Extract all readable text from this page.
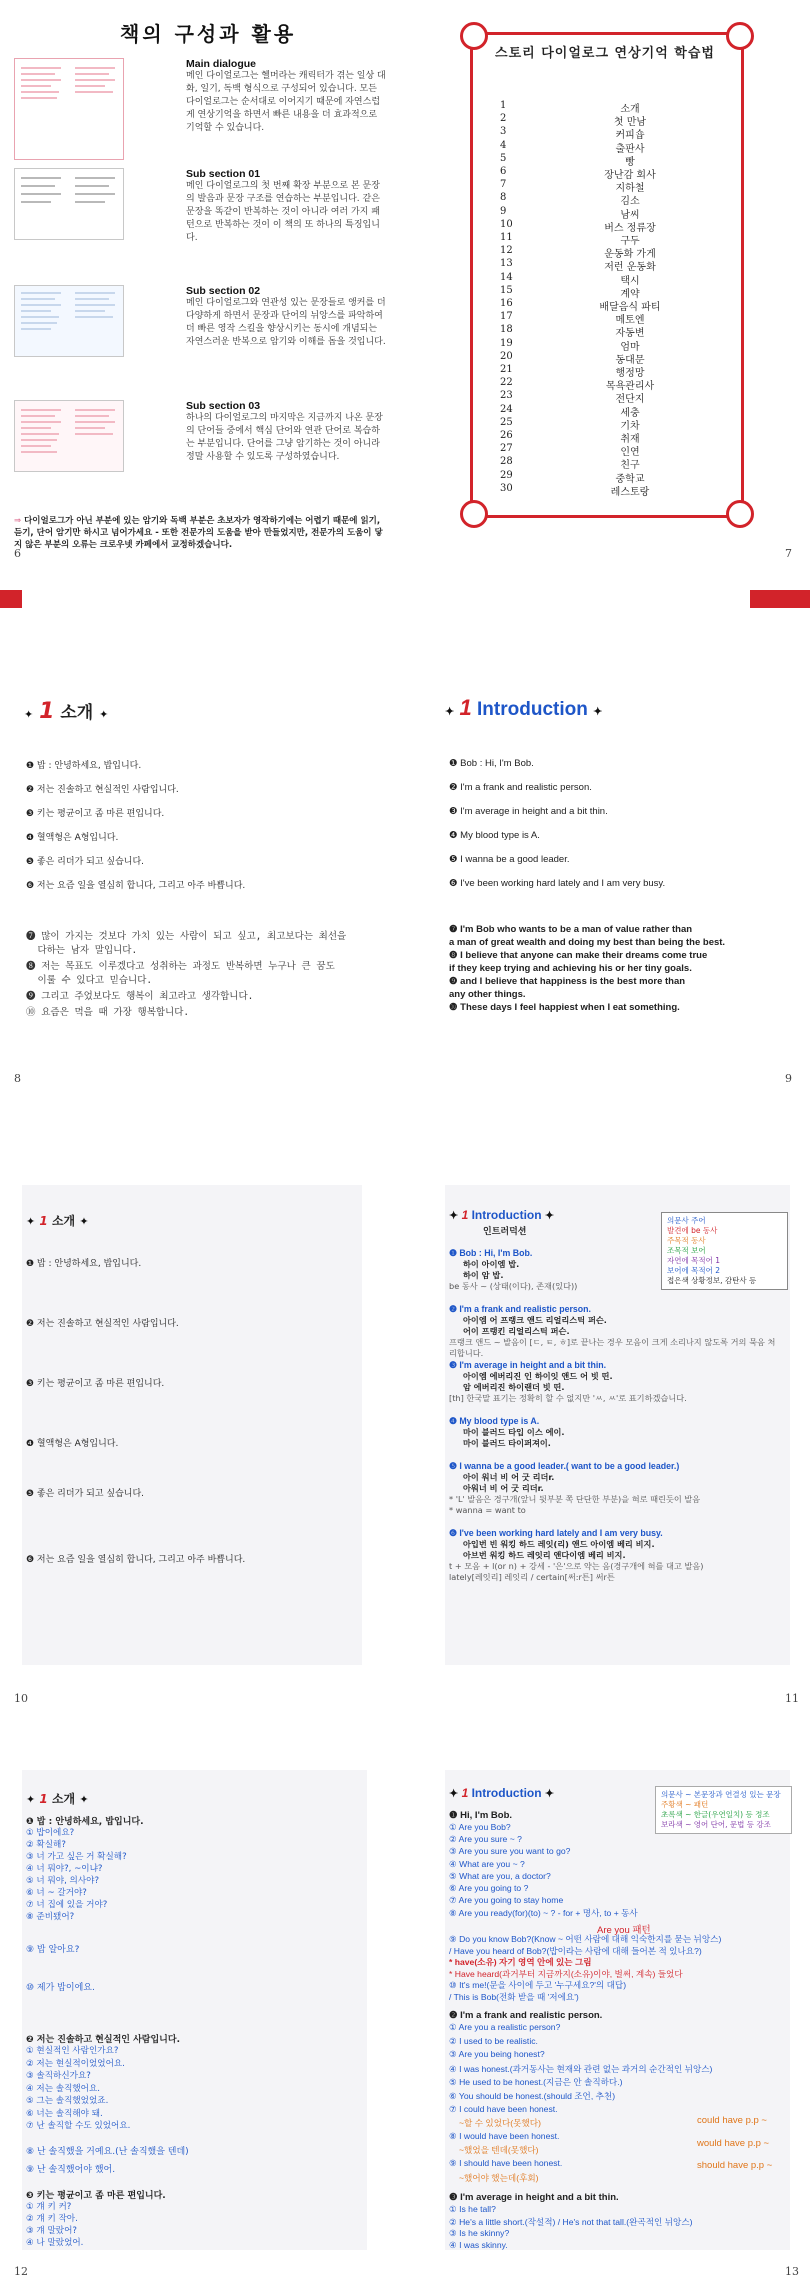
책의 구성과 활용
Main dialogue
메인 다이얼로그는 헬머라는 캐릭터가 겪는 일상 대화, 일기, 독백 형식으로 구성되어 있습니다. 모든 다이얼로그는 순서대로 이어지기 때문에 자연스럽게 연상기억을 하면서 빠른 내용을 더 효과적으로 기억할 수 있습니다.
Sub section 01
메인 다이얼로그의 첫 번째 확장 부분으로 본 문장의 발음과 문장 구조를 연습하는 부분입니다. 같은 문장을 똑같이 반복하는 것이 아니라 여러 가지 패턴으로 반복하는 것이 이 책의 또 하나의 특징입니다.
Sub section 02
메인 다이얼로그와 연관성 있는 문장들로 앵커를 더 다양하게 하면서 문장과 단어의 뉘앙스를 파악하여 더 빠른 영작 스킬을 향상시키는 동시에 개념되는 자연스러운 반복으로 암기와 이해를 돕을 것입니다.
Sub section 03
하나의 다이얼로그의 마지막은 지금까지 나온 문장의 단어들 중에서 핵심 단어와 연관 단어로 복습하는 부분입니다. 단어를 그냥 암기하는 것이 아니라 정말 사용할 수 있도록 구성하였습니다.
⇒ 다이얼로그가 아닌 부분에 있는 암기와 독백 부분은 초보자가 영작하기에는 어렵기 때문에 읽기, 듣기, 단어 암기만 하시고 넘어가세요 - 또한 전문가의 도움을 받아 만들었지만, 전문가의 도움이 닿지 않은 부분의 오류는 크로우넷 카페에서 교정하겠습니다.
6
스토리 다이얼로그 연상기억 학습법
1	소개
2	첫 만남
3	커피숍
4	출판사
5	빵
6	장난감 회사
7	지하철
8	김소
9	남씨
10	버스 정류장
11	구두
12	운동화 가게
13	저런 운동화
14	택시
15	계약
16	배달음식 파티
17	메토엔
18	자동변
19	엄마
20	동대문
21	행정망
22	목욕관리사
23	전단지
24	세충
25	기차
26	취재
27	인연
28	친구
29	중학교
30	레스토랑
7
✦ 1 소개 ✦
❶ 밥 : 안녕하세요, 밥입니다.
❷ 저는 진솔하고 현실적인 사람입니다.
❸ 키는 평균이고 좀 마른 편입니다.
❹ 혈액형은 A형입니다.
❺ 좋은 리더가 되고 싶습니다.
❻ 저는 요즘 일을 열심히 합니다, 그리고 아주 바쁩니다.
❼ 많이 가지는 것보다 가치 있는 사람이 되고 싶고, 최고보다는 최선을
다하는 남자 말입니다.
❽ 저는 목표도 이루겠다고 성취하는 과정도 반복하면 누구나 큰 꿈도
이룰 수 있다고 믿습니다.
❾ 그리고 주었보다도 행복이 최고라고 생각합니다.
⑩ 요즘은 먹을 때 가장 행복합니다.
8
✦ 1 Introduction ✦
❶ Bob : Hi, I'm Bob.
❷ I'm a frank and realistic person.
❸ I'm average in height and a bit thin.
❹ My blood type is A.
❺ I wanna be a good leader.
❻ I've been working hard lately and I am very busy.
❼ I'm Bob who wants to be a man of value rather than
a man of great wealth and doing my best than being the best.
❽ I believe that anyone can make their dreams come true
if they keep trying and achieving his or her tiny goals.
❾ and I believe that happiness is the best more than
any other things.
❿ These days I feel happiest when I eat something.
9
✦ 1 소개 ✦
❶ 밥 : 안녕하세요, 밥입니다.
❷ 저는 진솔하고 현실적인 사람입니다.
❸ 키는 평균이고 좀 마른 편입니다.
❹ 혈액형은 A형입니다.
❺ 좋은 리더가 되고 싶습니다.
❻ 저는 요즘 일을 열심히 합니다, 그리고 아주 바쁩니다.
10
✦ 1 Introduction ✦
인트러덕션
의문사 주어
발견에 be 동사
주목적 동사
조목적 보어
자연에 목적어 1
보어에 목적어 2
접은색 상황정보, 감탄사 등
❶ Bob : Hi, I'm Bob.
하이 아이엠 밥.
하이 암 밥.
be 동사 ~ (상태(이다), 존재(있다))
❷ I'm a frank and realistic person.
아이엠 어 프랭크 앤드 리얼리스틱 퍼슨.
어이 프랭킨 리얼리스틱 퍼슨.
프랭크 앤드 ~ 발음이 [ㄷ, ㅌ, ㅎ]로 끝나는 경우 모음이 크게 소리나지 않도록 거의 묵음 처리합니다.
❸ I'm average in height and a bit thin.
아이엠 에버리진 인 하이잇 앤드 어 빗 띤.
암 에버리진 하이랜더 빗 띤.
[th] 한국말 표기는 정확히 할 수 없지만 'ㅆ, ㅆ'로 표기하겠습니다.
❹ My blood type is A.
마이 블러드 타입 이스 에이.
마이 블러드 타이퍼져이.
❺ I wanna be a good leader.( want to be a good leader.)
아이 워너 비 어 굿 리더r.
아워너 비 어 굿 리더r.
* 'L' 발음은 경구개(앞니 뒷부분 쪽 단단한 부분)을 혀로 때린듯이 발음
* wanna = want to
❻ I've been working hard lately and I am very busy.
아입번 빈 워킹 하드 레잇(리) 앤드 아이엠 베리 비지.
아브번 워킹 하드 레잇리 앤다이엠 베리 비지.
t + 모음 + l(or n) + 강세 - '은'으로 약는 음(경구개에 혀를 대고 발음)
lately[레잇리] 레잇리 / certain[써:r튼] 써r튼
11
✦ 1 소개 ✦
❶ 밥 : 안녕하세요, 밥입니다.
① 밥이에요?
② 확실해?
③ 너 가고 싶은 거 확실해?
④ 너 뭐야?, ~이냐?
⑤ 너 뭐야, 의사야?
⑥ 너 ~ 갈거야?
⑦ 너 집에 있을 거야?
⑧ 준비됐어?
⑨ 밥 알아요?
⑩ 제가 밥이에요.
❷ 저는 진솔하고 현실적인 사람입니다.
① 현실적인 사람인가요?
② 저는 현실적이었었어요.
③ 솔직하신가요?
④ 저는 솔직했어요.
⑤ 그는 솔직했었었죠.
⑥ 너는 솔직해야 돼.
⑦ 난 솔직할 수도 있었어요.
⑧ 난 솔직했을 거예요.(난 솔직했을 텐데)
⑨ 난 솔직했어야 했어.
❸ 키는 평균이고 좀 마른 편입니다.
① 걔 키 커?
② 걔 키 작아.
③ 걔 말랐어?
④ 나 말랐었어.
12
✦ 1 Introduction ✦	의문사 ~ 본문장과 연결성 있는 문장
주황색 ~ 패턴
초록색 ~ 한글(우연일치) 등 정조
보라색 ~ 영어 단어, 문법 등 강조
❶ Hi, I'm Bob.
① Are you Bob?
② Are you sure ~ ?
③ Are you sure you want to go?
④ What are you ~ ?
⑤ What are you, a doctor?
⑥ Are you going to ?
⑦ Are you going to stay home
⑧ Are you ready(for)(to) ~ ? - for + 명사, to + 동사
Are you 패턴
⑨ Do you know Bob?(Know ~ 어떤 사람에 대해 익숙한지를 묻는 뉘앙스)
/ Have you heard of Bob?(밥이라는 사람에 대해 들어본 적 있나요?)
* have(소유) 자기 영역 안에 있는 그림
* Have heard(과거부터 지금까지(소유)이야, 벌써, 계속) 들었다
⑩ It's me!(문을 사이에 두고 '누구세요?'의 대답)
/ This is Bob(전화 받을 때 '저에요')
❷ I'm a frank and realistic person.
① Are you a realistic person?
② I used to be realistic.
③ Are you being honest?
④ I was honest.(과거동사는 현재와 관련 없는 과거의 순간적인 뉘앙스)
⑤ He used to be honest.(지금은 안 솔직하다.)
⑥ You should be honest.(should 조언, 추천)
⑦ I could have been honest.
~할 수 있었다(못했다)
⑧ I would have been honest.
~했었을 텐데(못했다)
⑨ I should have been honest.
~했어야 했는데(후회)
could have p.p ~
would have p.p ~
should have p.p ~
❸ I'm average in height and a bit thin.
① Is he tall?
② He's a little short.(작설적) / He's not that tall.(완곡적인 뉘앙스)
③ Is he skinny?
④ I was skinny.
13
